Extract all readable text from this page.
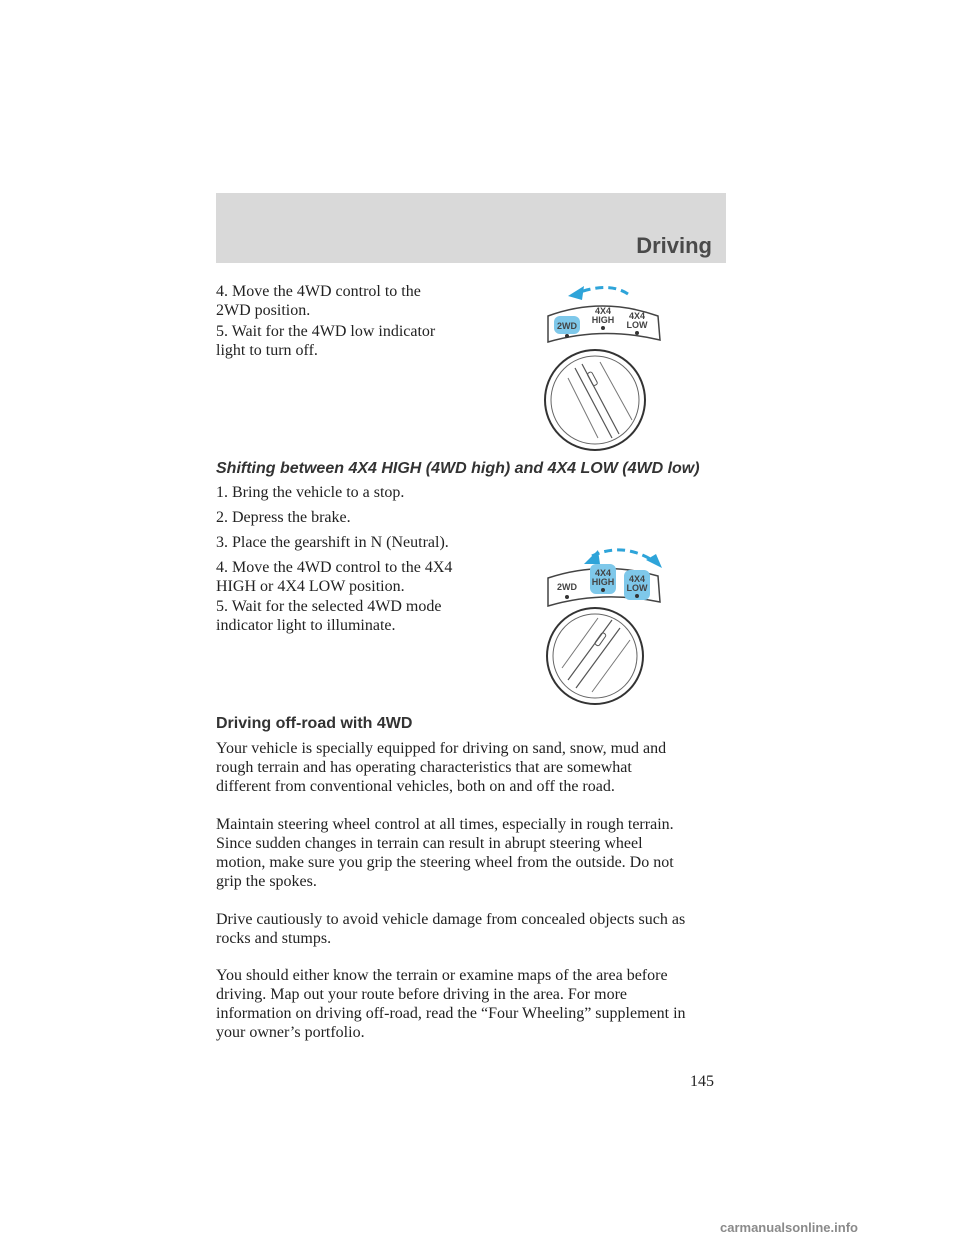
Driving

4. Move the 4WD control to the
2WD position.

5. Wait for the 4WD low indicator
light to turn off.

2WD
4X4
HIGH 4X4
LOW

Shifting between 4X4 HIGH (4WD high) and 4X4 LOW (4WD low)

1. Bring the vehicle to a stop.

2. Depress the brake.

3. Place the gearshift in N (Neutral).

4. Move the 4WD control to the 4X4
HIGH or 4X4 LOW position.

5. Wait for the selected 4WD mode
indicator light to illuminate.

2WD
4X4
HIGH 4X4
LOW

Driving off-road with 4WD

Your vehicle is specially equipped for driving on sand, snow, mud and
rough terrain and has operating characteristics that are somewhat
different from conventional vehicles, both on and off the road.

Maintain steering wheel control at all times, especially in rough terrain.
Since sudden changes in terrain can result in abrupt steering wheel
motion, make sure you grip the steering wheel from the outside. Do not
grip the spokes.

Drive cautiously to avoid vehicle damage from concealed objects such as
rocks and stumps.

You should either know the terrain or examine maps of the area before
driving. Map out your route before driving in the area. For more
information on driving off-road, read the “Four Wheeling” supplement in
your owner’s portfolio.

145
carmanualsonline.info
